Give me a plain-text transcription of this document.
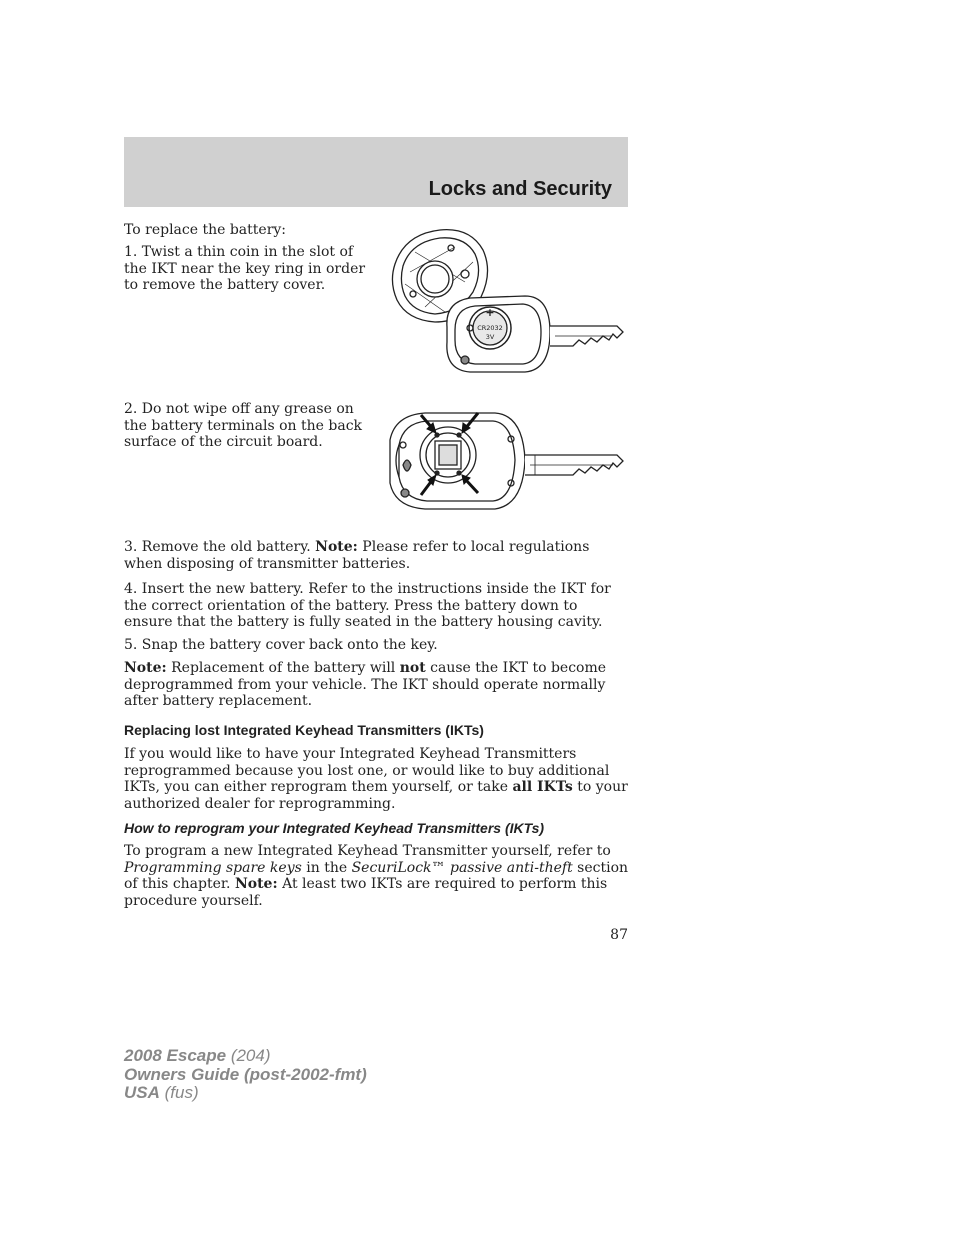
Locks and Security
To replace the battery:
1. Twist a thin coin in the slot of the IKT near the key ring in order to remove the battery cover.
+
CR2032
3V
2. Do not wipe off any grease on the battery terminals on the back surface of the circuit board.
3. Remove the old battery. Note: Please refer to local regulations when disposing of transmitter batteries.
4. Insert the new battery. Refer to the instructions inside the IKT for the correct orientation of the battery. Press the battery down to ensure that the battery is fully seated in the battery housing cavity.
5. Snap the battery cover back onto the key.
Note: Replacement of the battery will not cause the IKT to become deprogrammed from your vehicle. The IKT should operate normally after battery replacement.
Replacing lost Integrated Keyhead Transmitters (IKTs)
If you would like to have your Integrated Keyhead Transmitters reprogrammed because you lost one, or would like to buy additional IKTs, you can either reprogram them yourself, or take all IKTs to your authorized dealer for reprogramming.
How to reprogram your Integrated Keyhead Transmitters (IKTs)
To program a new Integrated Keyhead Transmitter yourself, refer to Programming spare keys in the SecuriLock™ passive anti-theft section of this chapter. Note: At least two IKTs are required to perform this procedure yourself.
87
2008 Escape (204)
Owners Guide (post-2002-fmt)
USA (fus)
